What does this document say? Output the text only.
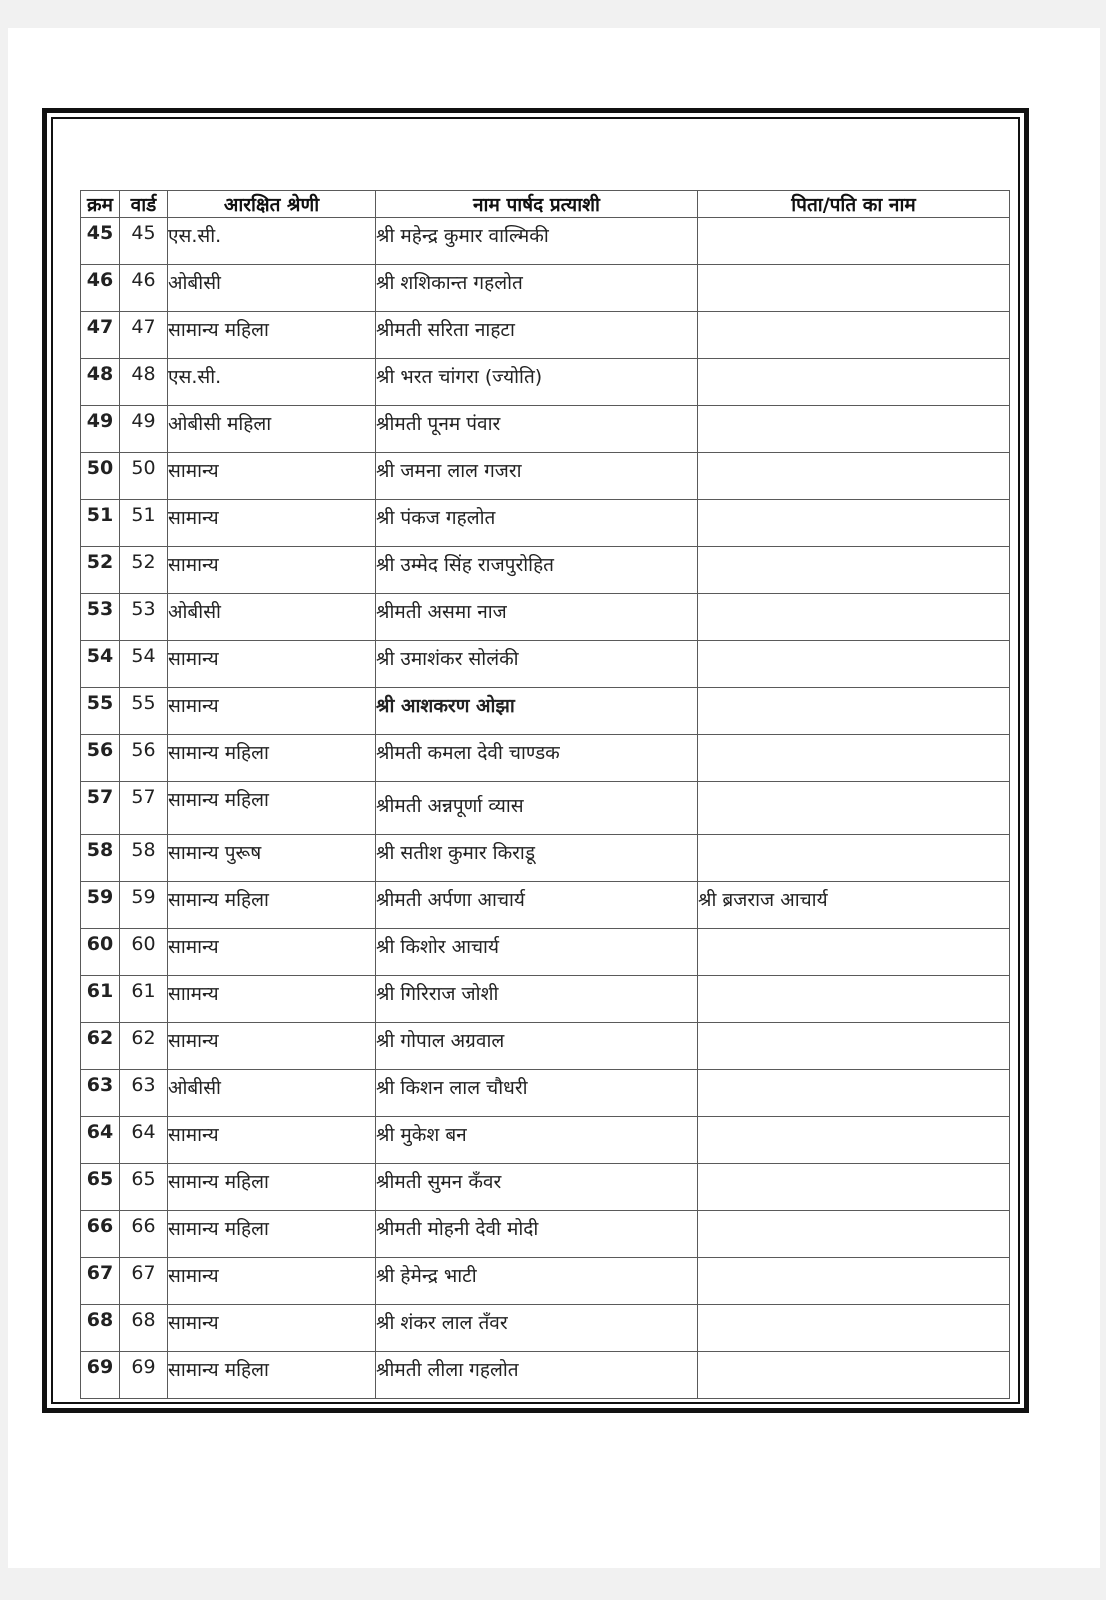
क्रम	वार्ड	आरक्षित श्रेणी	नाम पार्षद प्रत्याशी	पिता/पति का नाम
45	45	एस.सी.	श्री महेन्द्र कुमार वाल्मिकी	
46	46	ओबीसी	श्री शशिकान्त गहलोत	
47	47	सामान्य महिला	श्रीमती सरिता नाहटा	
48	48	एस.सी.	श्री भरत चांगरा (ज्योति)	
49	49	ओबीसी महिला	श्रीमती पूनम पंवार	
50	50	सामान्य	श्री जमना लाल गजरा	
51	51	सामान्य	श्री पंकज गहलोत	
52	52	सामान्य	श्री उम्मेद सिंह राजपुरोहित	
53	53	ओबीसी	श्रीमती असमा नाज	
54	54	सामान्य	श्री उमाशंकर सोलंकी	
55	55	सामान्य	श्री आशकरण ओझा	
56	56	सामान्य महिला	श्रीमती कमला देवी चाण्डक	
57	57	सामान्य महिला	श्रीमती अन्नपूर्णा व्यास	
58	58	सामान्य पुरूष	श्री सतीश कुमार किराडू	
59	59	सामान्य महिला	श्रीमती अर्पणा आचार्य	श्री ब्रजराज आचार्य
60	60	सामान्य	श्री किशोर आचार्य	
61	61	साामन्य	श्री गिरिराज जोशी	
62	62	सामान्य	श्री गोपाल अग्रवाल	
63	63	ओबीसी	श्री किशन लाल चौधरी	
64	64	सामान्य	श्री मुकेश बन	
65	65	सामान्य महिला	श्रीमती सुमन कँवर	
66	66	सामान्य महिला	श्रीमती मोहनी देवी मोदी	
67	67	सामान्य	श्री हेमेन्द्र भाटी	
68	68	सामान्य	श्री शंकर लाल तँवर	
69	69	सामान्य महिला	श्रीमती लीला गहलोत	
